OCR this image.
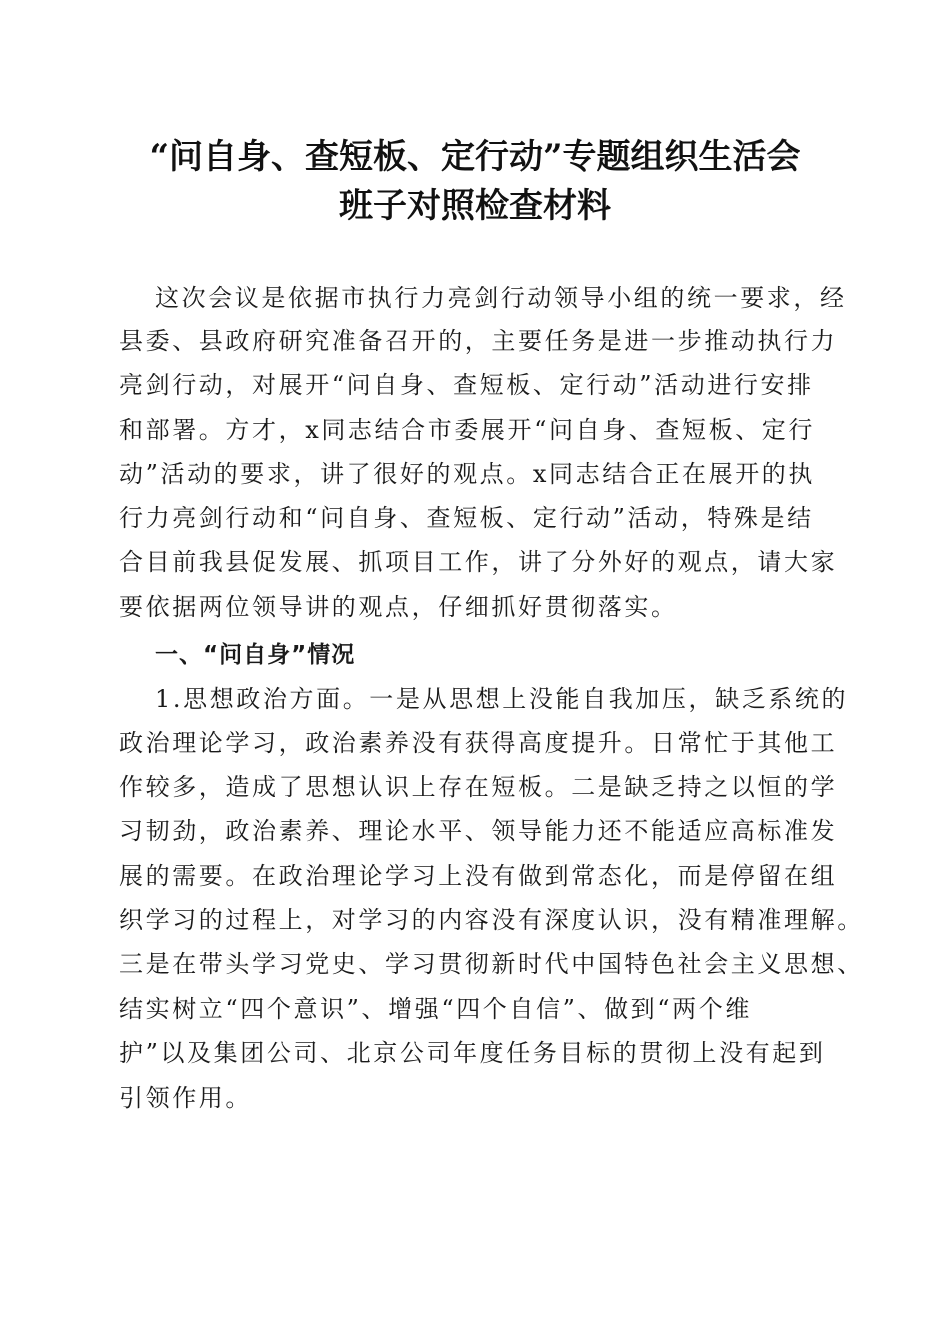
“问自身、查短板、定行动”专题组织生活会
班子对照检查材料
这次会议是依据市执行力亮剑行动领导小组的统一要求，经
县委、县政府研究准备召开的，主要任务是进一步推动执行力
亮剑行动，对展开“问自身、查短板、定行动”活动进行安排
和部署。方才，x同志结合市委展开“问自身、查短板、定行
动”活动的要求，讲了很好的观点。x同志结合正在展开的执
行力亮剑行动和“问自身、查短板、定行动”活动，特殊是结
合目前我县促发展、抓项目工作，讲了分外好的观点，请大家
要依据两位领导讲的观点，仔细抓好贯彻落实。
一、“问自身”情况
1.思想政治方面。一是从思想上没能自我加压，缺乏系统的
政治理论学习，政治素养没有获得高度提升。日常忙于其他工
作较多，造成了思想认识上存在短板。二是缺乏持之以恒的学
习韧劲，政治素养、理论水平、领导能力还不能适应高标准发
展的需要。在政治理论学习上没有做到常态化，而是停留在组
织学习的过程上，对学习的内容没有深度认识，没有精准理解。
三是在带头学习党史、学习贯彻新时代中国特色社会主义思想、
结实树立“四个意识”、增强“四个自信”、做到“两个维
护”以及集团公司、北京公司年度任务目标的贯彻上没有起到
引领作用。
